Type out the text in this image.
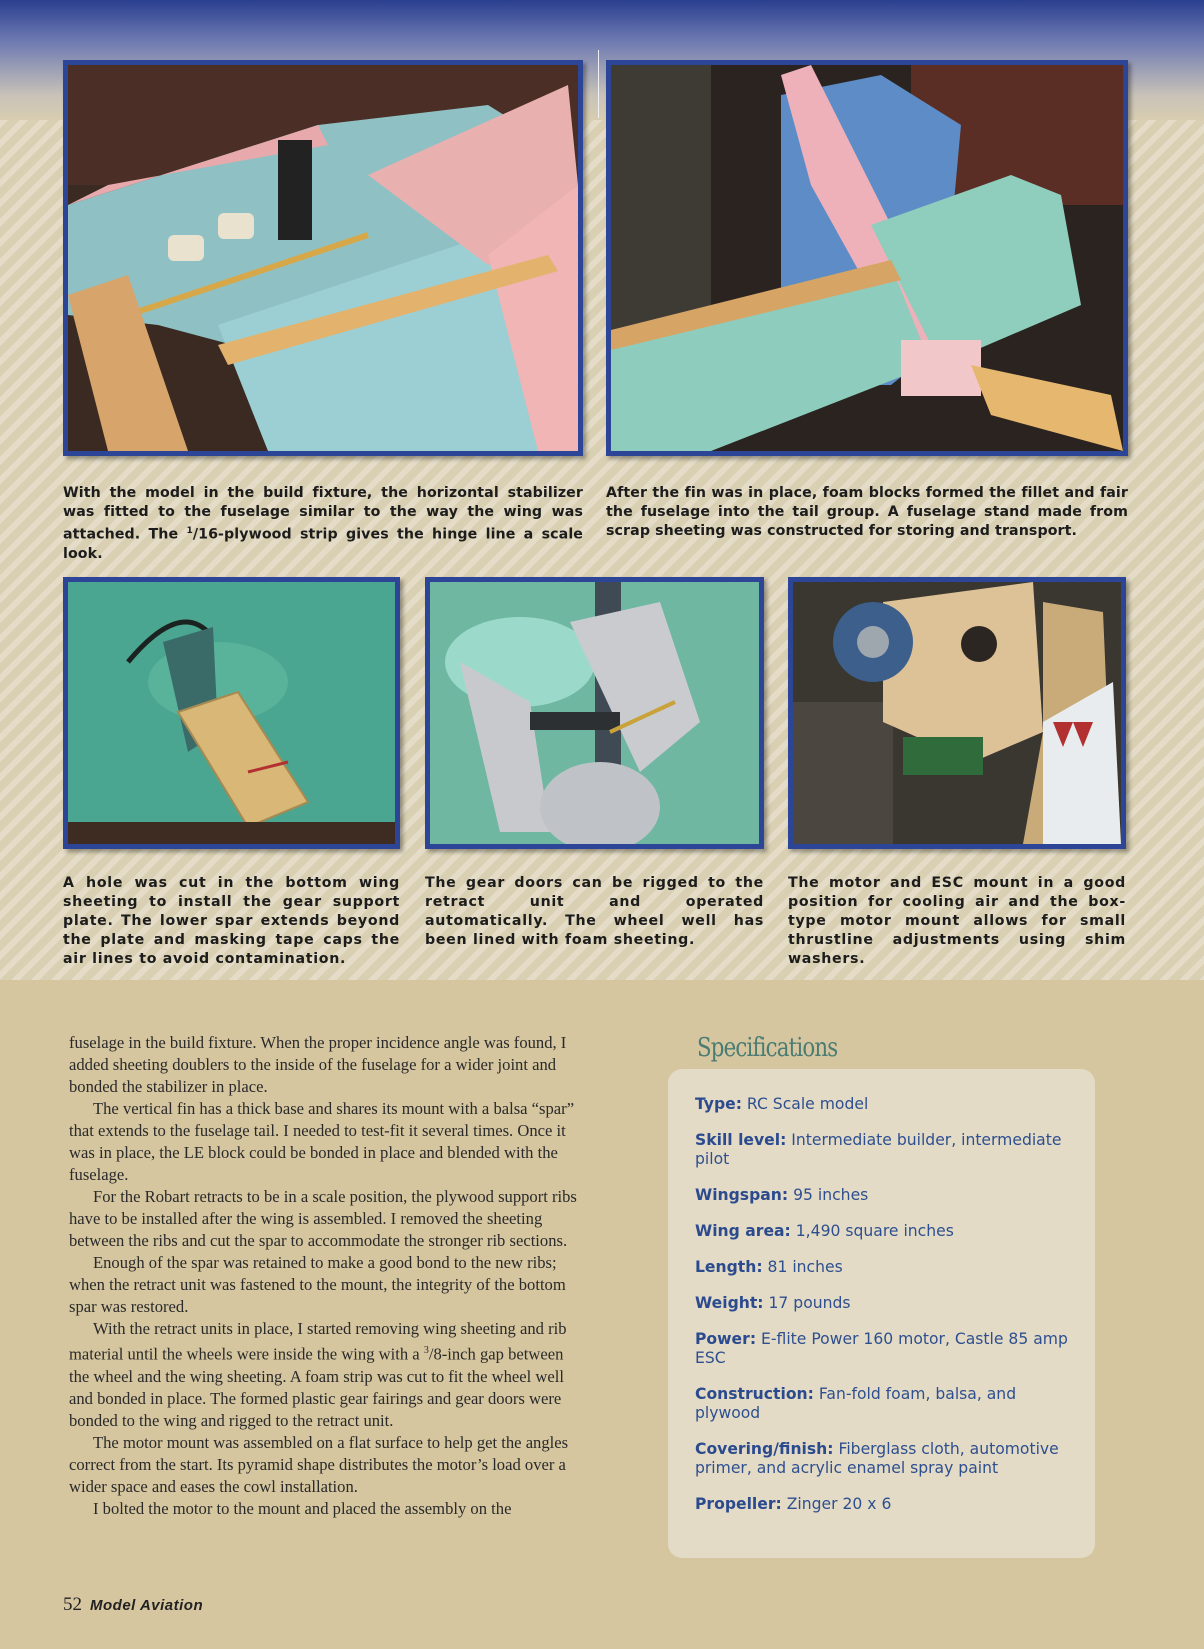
With the model in the build fixture, the horizontal stabilizer was fitted to the fuselage similar to the way the wing was attached. The $^1$/16-plywood strip gives the hinge line a scale look.
After the fin was in place, foam blocks formed the fillet and fair the fuselage into the tail group. A fuselage stand made from scrap sheeting was constructed for storing and transport.
A hole was cut in the bottom wing sheeting to install the gear support plate. The lower spar extends beyond the plate and masking tape caps the air lines to avoid contamination.
The gear doors can be rigged to the retract unit and operated automatically. The wheel well has been lined with foam sheeting.
The motor and ESC mount in a good position for cooling air and the box-type motor mount allows for small thrustline adjustments using shim washers.

fuselage in the build fixture. When the proper incidence angle was found, I added sheeting doublers to the inside of the fuselage for a wider joint and bonded the stabilizer in place.

The vertical fin has a thick base and shares its mount with a balsa “spar” that extends to the fuselage tail. I needed to test-fit it several times. Once it was in place, the LE block could be bonded in place and blended with the fuselage.

For the Robart retracts to be in a scale position, the plywood support ribs have to be installed after the wing is assembled. I removed the sheeting between the ribs and cut the spar to accommodate the stronger rib sections.

Enough of the spar was retained to make a good bond to the new ribs; when the retract unit was fastened to the mount, the integrity of the bottom spar was restored.

With the retract units in place, I started removing wing sheeting and rib material until the wheels were inside the wing with a $^3$/8-inch gap between the wheel and the wing sheeting. A foam strip was cut to fit the wheel well and bonded in place. The formed plastic gear fairings and gear doors were bonded to the wing and rigged to the retract unit.

The motor mount was assembled on a flat surface to help get the angles correct from the start. Its pyramid shape distributes the motor’s load over a wider space and eases the cowl installation.

I bolted the motor to the mount and placed the assembly on the

Specifications
Type: RC Scale model
Skill level: Intermediate builder, intermediate pilot
Wingspan: 95 inches
Wing area: 1,490 square inches
Length: 81 inches
Weight: 17 pounds
Power: E-flite Power 160 motor, Castle 85 amp ESC
Construction: Fan-fold foam, balsa, and plywood
Covering/finish: Fiberglass cloth, automotive primer, and acrylic enamel spray paint
Propeller: Zinger 20 x 6
52 Model Aviation
